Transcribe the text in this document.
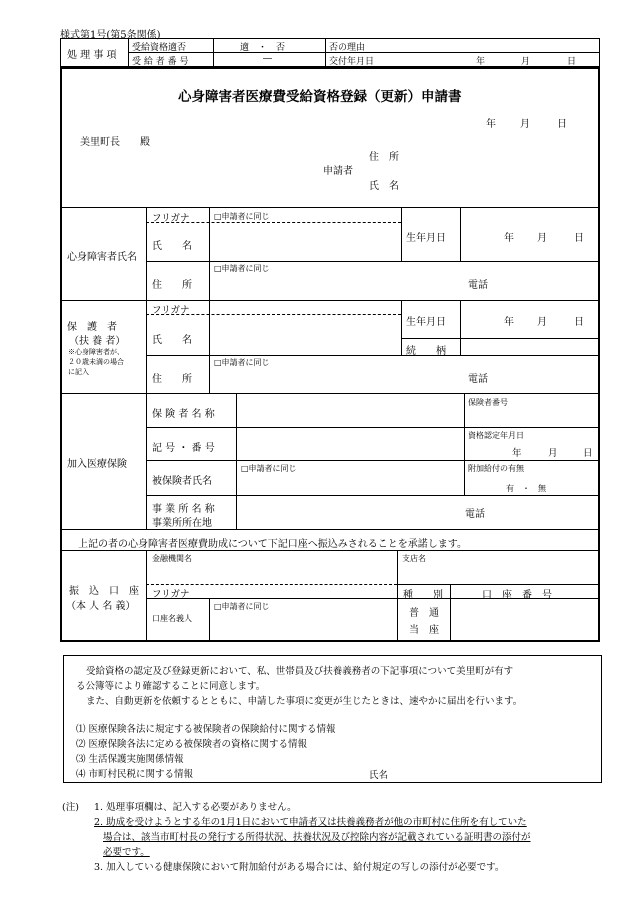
様式第1号(第5条関係)
処 理 事 項
受給資格適否	適　・　否	否の理由
受 給 者 番 号	―	交付年月日	年	月	日
心身障害者医療費受給資格登録（更新）申請書
年 月	日
美里町長　　殿
住　所
申請者
氏　名
心身障害者氏名
フリガナ	□申請者に同じ
氏　　名
生年月日	年 月	日
□申請者に同じ
住　　所	電話
保　護　者
（扶 養 者）
※心身障害者が、
２０歳未満の場合
に記入
フリガナ
氏　　名
生年月日	年 月	日
続　　柄
□申請者に同じ
住　　所	電話
加入医療保険
保 険 者 名 称
保険者番号
記 号 ・ 番 号
資格認定年月日
年	月	日
被保険者氏名
□申請者に同じ	附加給付の有無
有　・　無
事 業 所 名 称
事業所所在地
電話
上記の者の心身障害者医療費助成について下記口座へ振込みされることを承諾します。
振　込　口　座
（本 人 名 義）
金融機関名	支店名
フリガナ	種　　別	口　座　番　号
口座名義人
□申請者に同じ
普　通
当　座
受給資格の認定及び登録更新において、私、世帯員及び扶養義務者の下記事項について美里町が有す
る公簿等により確認することに同意します。
また、自動更新を依頼するとともに、申請した事項に変更が生じたときは、速やかに届出を行います。
⑴ 医療保険各法に規定する被保険者の保険給付に関する情報
⑵ 医療保険各法に定める被保険者の資格に関する情報
⑶ 生活保護実施関係情報
⑷ 市町村民税に関する情報	氏名
(注) 1. 処理事項欄は、記入する必要がありません。
2. 助成を受けようとする年の1月1日において申請者又は扶養義務者が他の市町村に住所を有していた
場合は、該当市町村長の発行する所得状況、扶養状況及び控除内容が記載されている証明書の添付が
必要です。
3. 加入している健康保険において附加給付がある場合には、給付規定の写しの添付が必要です。
